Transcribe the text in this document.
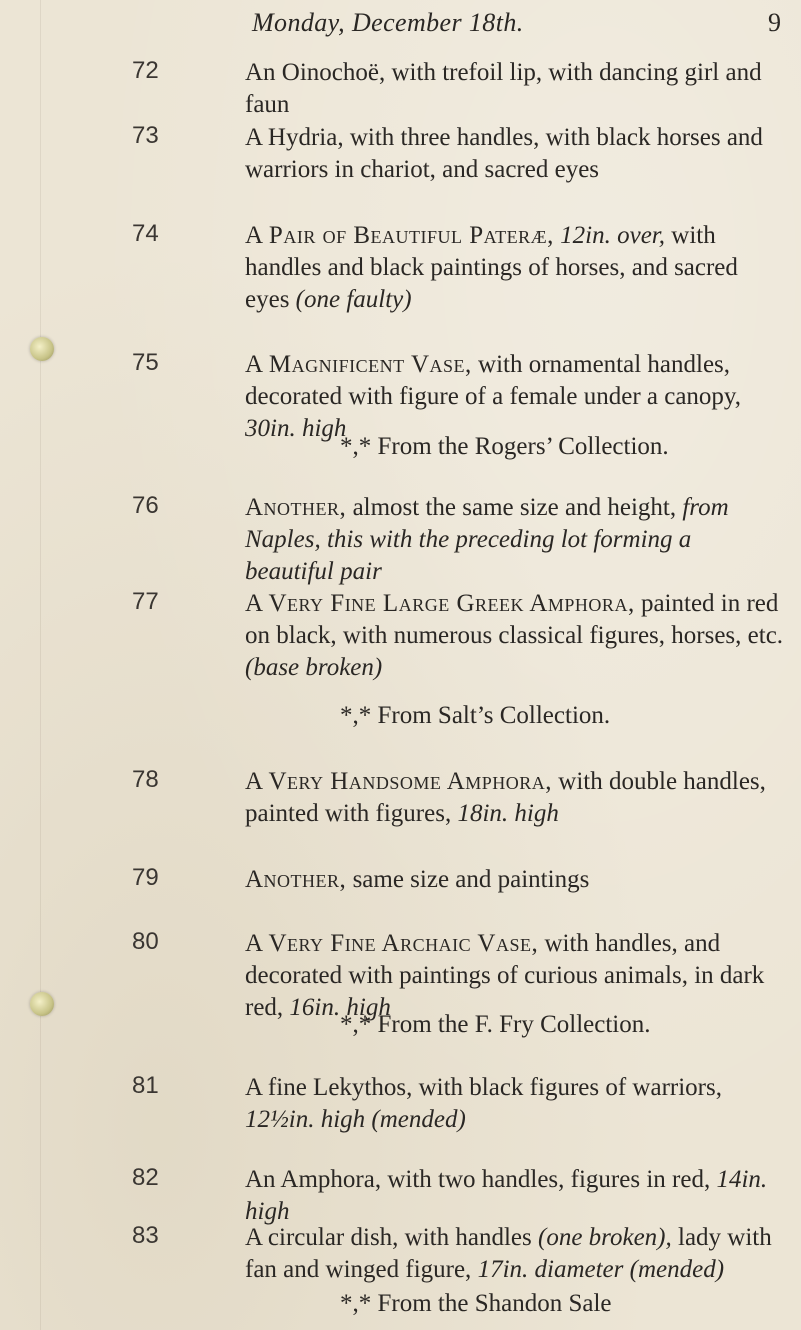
Monday, December 18th.	9
72	An Oinochoë, with trefoil lip, with dancing girl and faun
73	A Hydria, with three handles, with black horses and warriors in chariot, and sacred eyes
74	A Pair of Beautiful Pateræ, 12in. over, with handles and black paintings of horses, and sacred eyes (one faulty)
75	A Magnificent Vase, with ornamental handles, decorated with figure of a female under a canopy, 30in. high
*,* From the Rogers’ Collection.
76	Another, almost the same size and height, from Naples, this with the preceding lot forming a beautiful pair
77	A Very Fine Large Greek Amphora, painted in red on black, with numerous classical figures, horses, etc. (base broken)
*,* From Salt’s Collection.
78	A Very Handsome Amphora, with double handles, painted with figures, 18in. high
79	Another, same size and paintings
80	A Very Fine Archaic Vase, with handles, and decorated with paintings of curious animals, in dark red, 16in. high
*,* From the F. Fry Collection.
81	A fine Lekythos, with black figures of warriors, 12½in. high (mended)
82	An Amphora, with two handles, figures in red, 14in. high
83	A circular dish, with handles (one broken), lady with fan and winged figure, 17in. diameter (mended)
*,* From the Shandon Sale
